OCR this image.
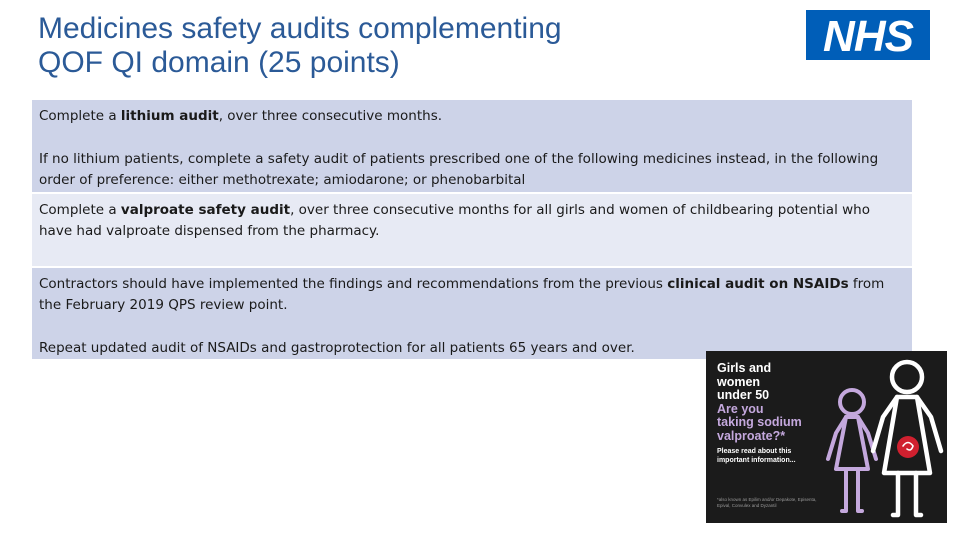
Medicines safety audits complementing
QOF QI domain (25 points)
NHS

Complete a lithium audit, over three consecutive months.

If no lithium patients, complete a safety audit of patients prescribed one of the following medicines instead, in the following order of preference: either methotrexate; amiodarone; or phenobarbital

Complete a valproate safety audit, over three consecutive months for all girls and women of childbearing potential who have had valproate dispensed from the pharmacy.

Contractors should have implemented the findings and recommendations from the previous clinical audit on NSAIDs from the February 2019 QPS review point.

Repeat updated audit of NSAIDs and gastroprotection for all patients 65 years and over.

Girls and
women
under 50
Are you
taking sodium
valproate?*
Please read about this
important information...
*also known as Epilim and/or Depakote, Episenta, Epival, Convulex and Dyzantil
